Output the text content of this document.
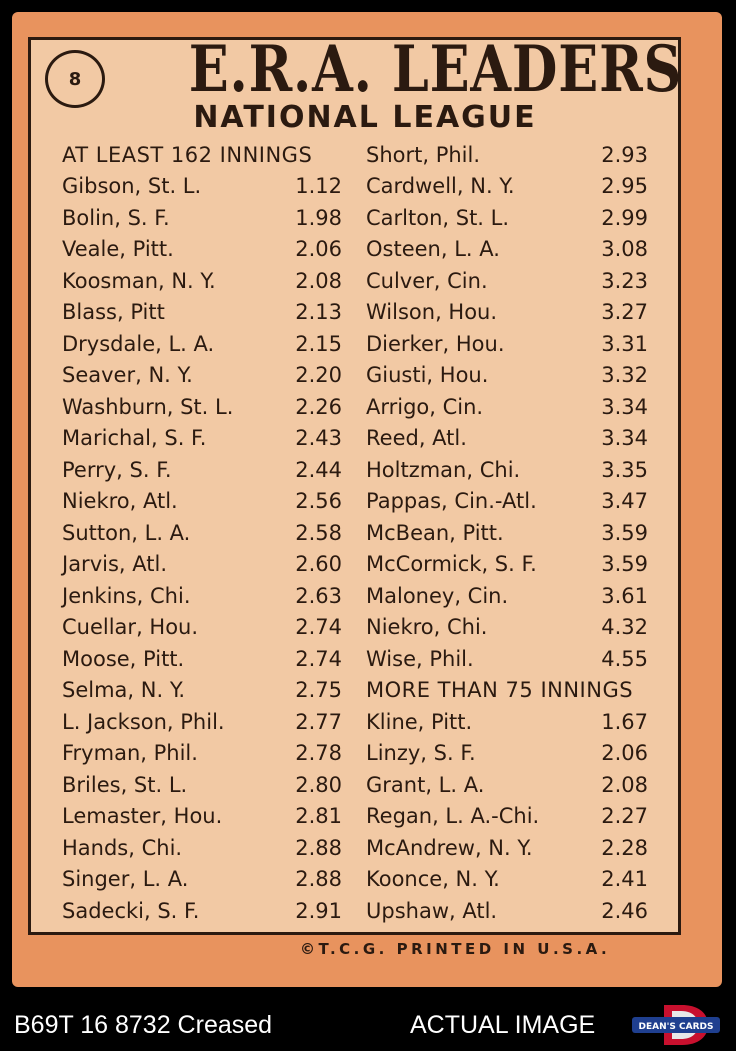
8	E.R.A. LEADERS
NATIONAL LEAGUE
AT LEAST 162 INNINGS
Gibson, St. L.	1.12
Bolin, S. F.	1.98
Veale, Pitt.	2.06
Koosman, N. Y.	2.08
Blass, Pitt	2.13
Drysdale, L. A.	2.15
Seaver, N. Y.	2.20
Washburn, St. L.	2.26
Marichal, S. F.	2.43
Perry, S. F.	2.44
Niekro, Atl.	2.56
Sutton, L. A.	2.58
Jarvis, Atl.	2.60
Jenkins, Chi.	2.63
Cuellar, Hou.	2.74
Moose, Pitt.	2.74
Selma, N. Y.	2.75
L. Jackson, Phil.	2.77
Fryman, Phil.	2.78
Briles, St. L.	2.80
Lemaster, Hou.	2.81
Hands, Chi.	2.88
Singer, L. A.	2.88
Sadecki, S. F.	2.91
Short, Phil.	2.93
Cardwell, N. Y.	2.95
Carlton, St. L.	2.99
Osteen, L. A.	3.08
Culver, Cin.	3.23
Wilson, Hou.	3.27
Dierker, Hou.	3.31
Giusti, Hou.	3.32
Arrigo, Cin.	3.34
Reed, Atl.	3.34
Holtzman, Chi.	3.35
Pappas, Cin.-Atl.	3.47
McBean, Pitt.	3.59
McCormick, S. F.	3.59
Maloney, Cin.	3.61
Niekro, Chi.	4.32
Wise, Phil.	4.55
MORE THAN 75 INNINGS
Kline, Pitt.	1.67
Linzy, S. F.	2.06
Grant, L. A.	2.08
Regan, L. A.-Chi.	2.27
McAndrew, N. Y.	2.28
Koonce, N. Y.	2.41
Upshaw, Atl.	2.46
©T.C.G. PRINTED IN U.S.A.
B69T 16 8732 Creased	ACTUAL IMAGE	DEAN'S CARDS
